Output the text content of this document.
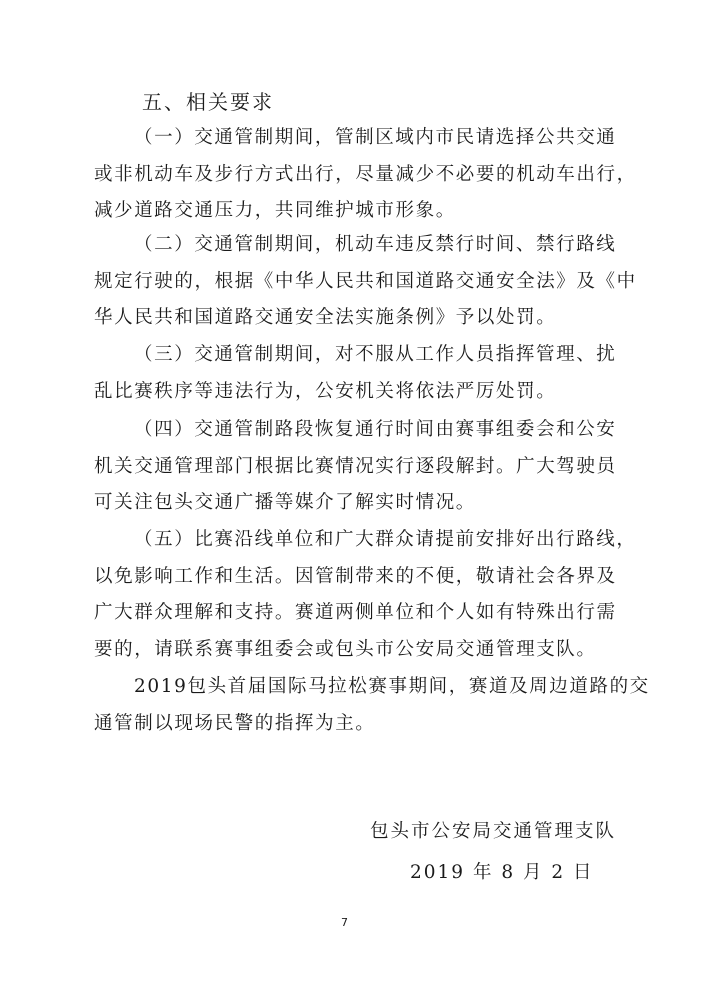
五、相关要求
（一）交通管制期间，管制区域内市民请选择公共交通
或非机动车及步行方式出行，尽量减少不必要的机动车出行，
减少道路交通压力，共同维护城市形象。
（二）交通管制期间，机动车违反禁行时间、禁行路线
规定行驶的，根据《中华人民共和国道路交通安全法》及《中
华人民共和国道路交通安全法实施条例》予以处罚。
（三）交通管制期间，对不服从工作人员指挥管理、扰
乱比赛秩序等违法行为，公安机关将依法严厉处罚。
（四）交通管制路段恢复通行时间由赛事组委会和公安
机关交通管理部门根据比赛情况实行逐段解封。广大驾驶员
可关注包头交通广播等媒介了解实时情况。
（五）比赛沿线单位和广大群众请提前安排好出行路线，
以免影响工作和生活。因管制带来的不便，敬请社会各界及
广大群众理解和支持。赛道两侧单位和个人如有特殊出行需
要的，请联系赛事组委会或包头市公安局交通管理支队。
2019包头首届国际马拉松赛事期间，赛道及周边道路的交
通管制以现场民警的指挥为主。
包头市公安局交通管理支队
2019 年 8 月 2 日
7
